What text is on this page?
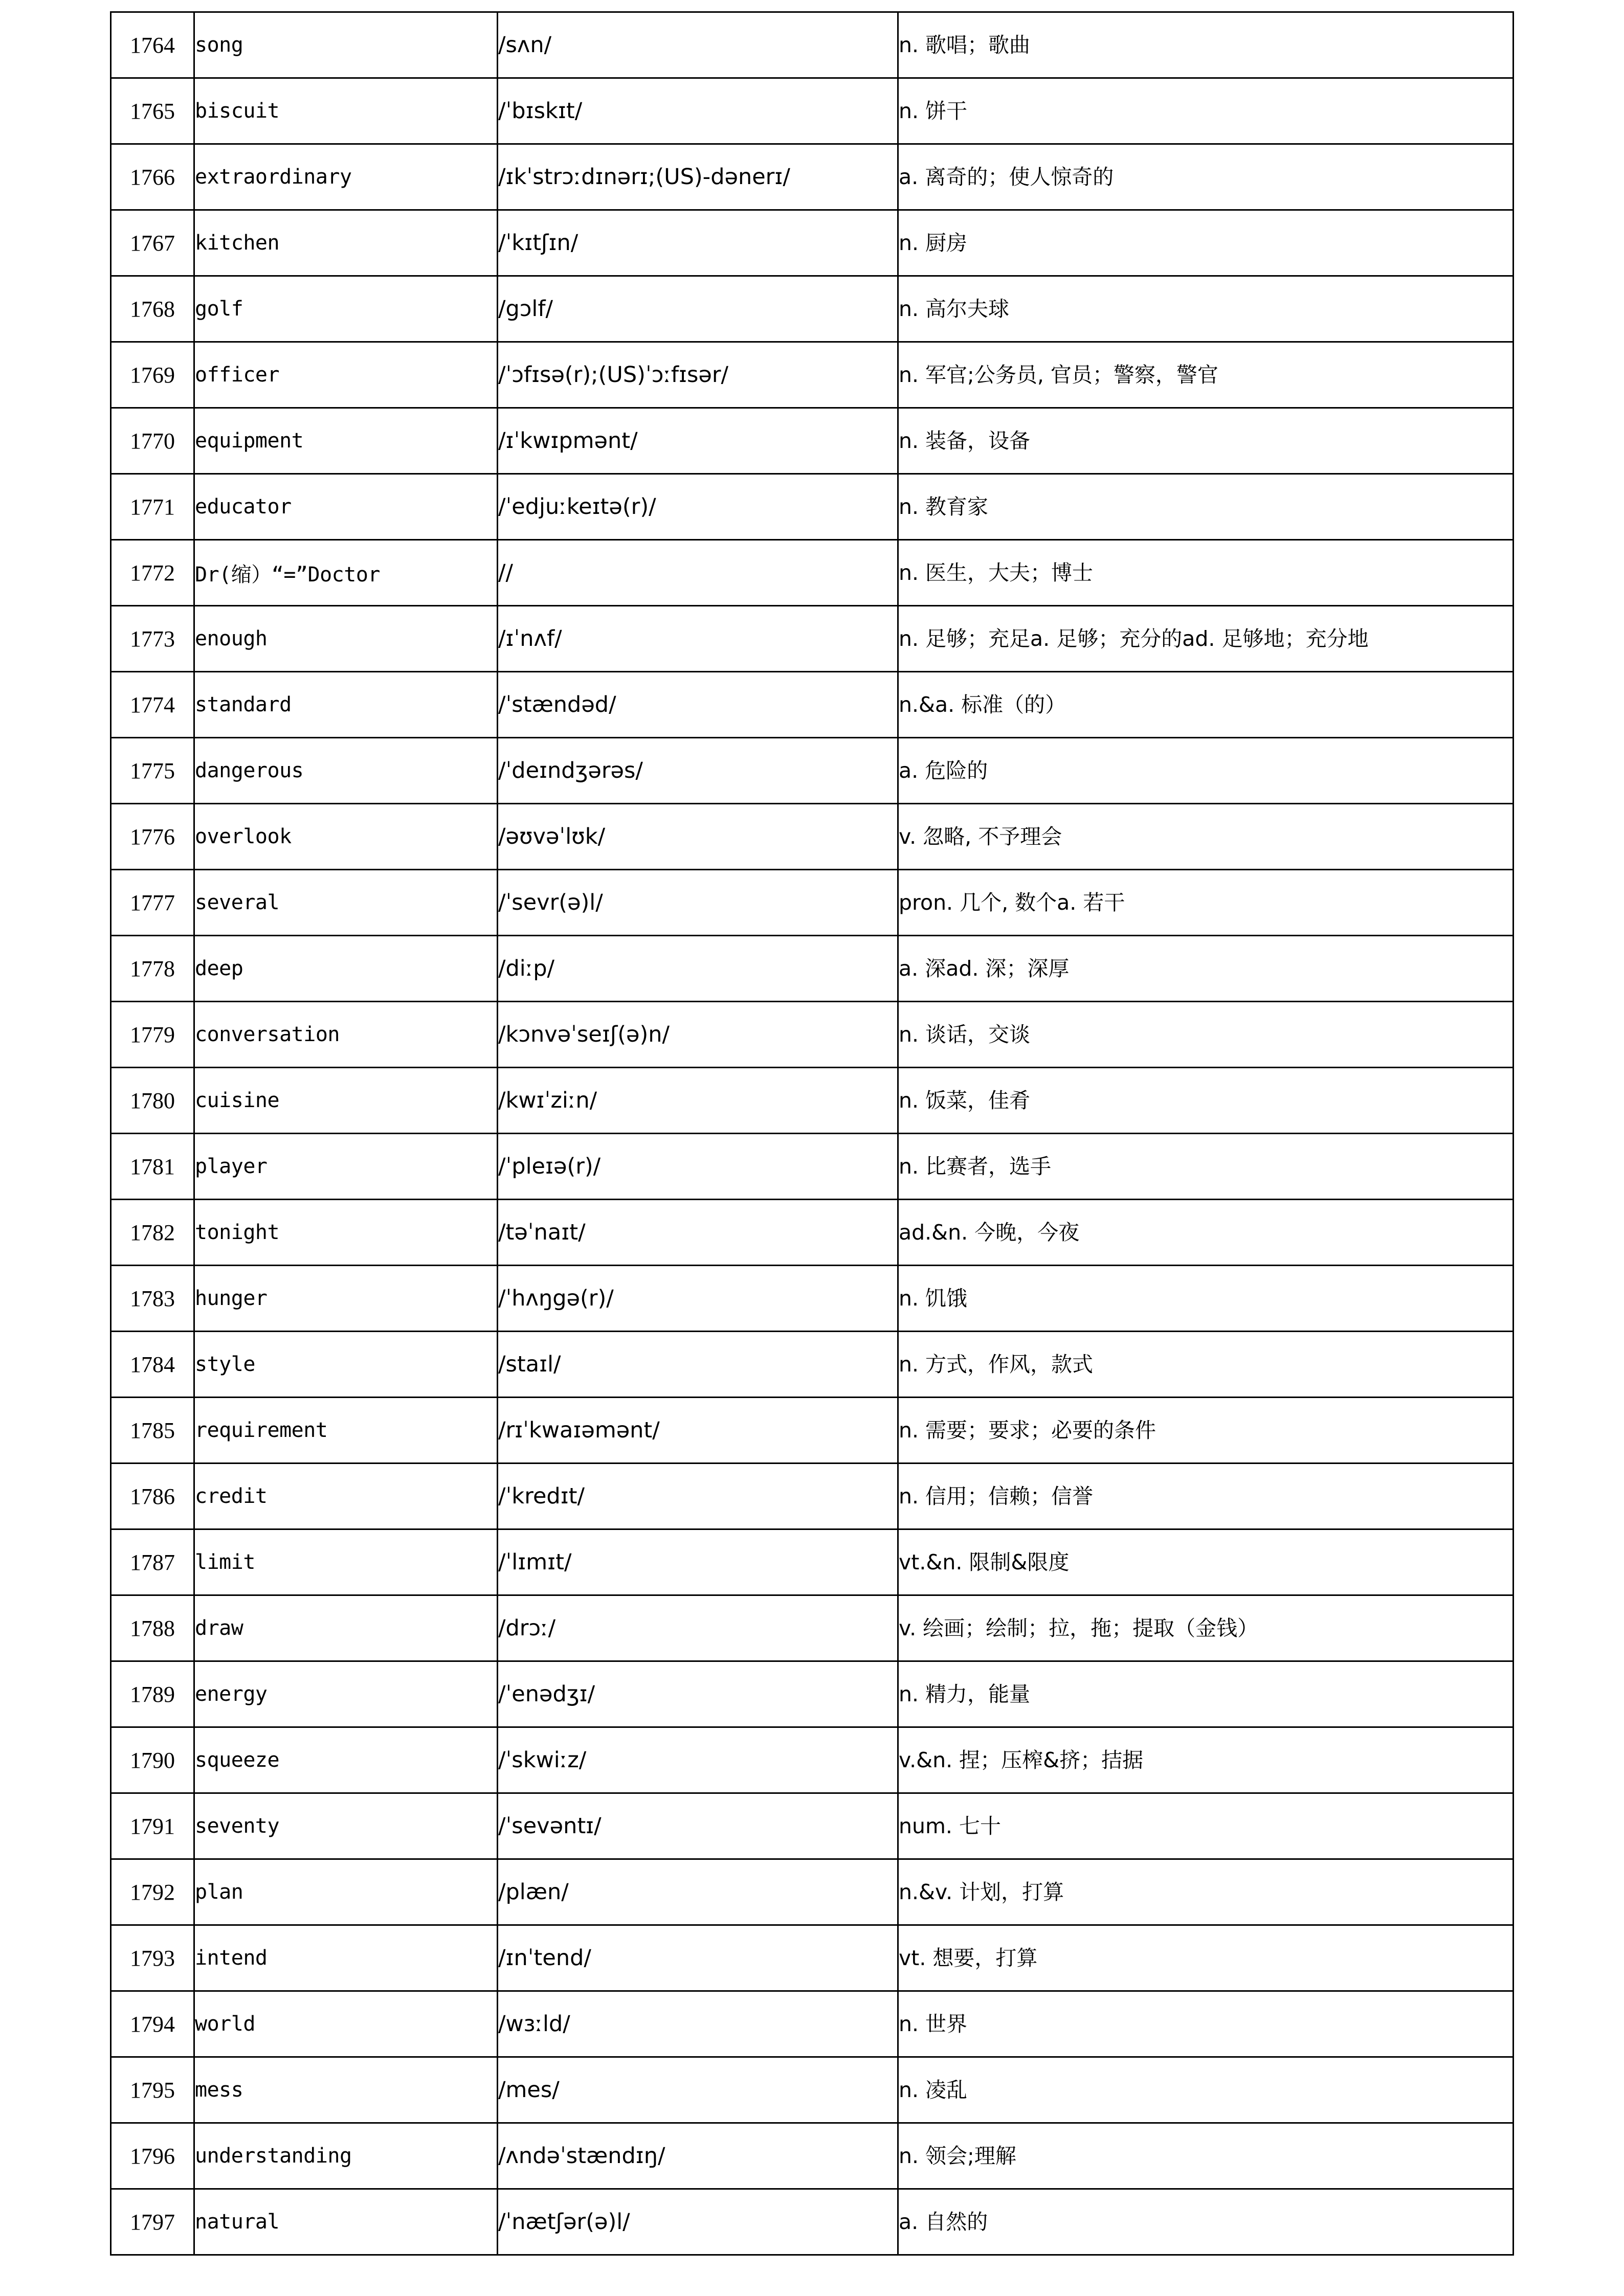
1764	song	/sʌn/	n. 歌唱；歌曲
1765	biscuit	/ˈbɪskɪt/	n. 饼干
1766	extraordinary	/ɪkˈstrɔːdɪnərɪ;(US)-dənerɪ/	a. 离奇的；使人惊奇的
1767	kitchen	/ˈkɪtʃɪn/	n. 厨房
1768	golf	/gɔlf/	n. 高尔夫球
1769	officer	/ˈɔfɪsə(r);(US)ˈɔːfɪsər/	n. 军官;公务员, 官员；警察，警官
1770	equipment	/ɪˈkwɪpmənt/	n. 装备，设备
1771	educator	/ˈedjuːkeɪtə(r)/	n. 教育家
1772	Dr(缩）“=”Doctor	//	n. 医生，大夫；博士
1773	enough	/ɪˈnʌf/	n. 足够；充足a. 足够；充分的ad. 足够地；充分地
1774	standard	/ˈstændəd/	n.&a. 标准（的）
1775	dangerous	/ˈdeɪndʒərəs/	a. 危险的
1776	overlook	/əʊvəˈlʊk/	v. 忽略, 不予理会
1777	several	/ˈsevr(ə)l/	pron. 几个, 数个a. 若干
1778	deep	/diːp/	a. 深ad. 深；深厚
1779	conversation	/kɔnvəˈseɪʃ(ə)n/	n. 谈话，交谈
1780	cuisine	/kwɪˈziːn/	n. 饭菜，佳肴
1781	player	/ˈpleɪə(r)/	n. 比赛者，选手
1782	tonight	/təˈnaɪt/	ad.&n. 今晚，今夜
1783	hunger	/ˈhʌŋgə(r)/	n. 饥饿
1784	style	/staɪl/	n. 方式，作风，款式
1785	requirement	/rɪˈkwaɪəmənt/	n. 需要；要求；必要的条件
1786	credit	/ˈkredɪt/	n. 信用；信赖；信誉
1787	limit	/ˈlɪmɪt/	vt.&n. 限制&限度
1788	draw	/drɔː/	v. 绘画；绘制；拉，拖；提取（金钱）
1789	energy	/ˈenədʒɪ/	n. 精力，能量
1790	squeeze	/ˈskwiːz/	v.&n. 捏；压榨&挤；拮据
1791	seventy	/ˈsevəntɪ/	num. 七十
1792	plan	/plæn/	n.&v. 计划，打算
1793	intend	/ɪnˈtend/	vt. 想要，打算
1794	world	/wɜːld/	n. 世界
1795	mess	/mes/	n. 凌乱
1796	understanding	/ʌndəˈstændɪŋ/	n. 领会;理解
1797	natural	/ˈnætʃər(ə)l/	a. 自然的
